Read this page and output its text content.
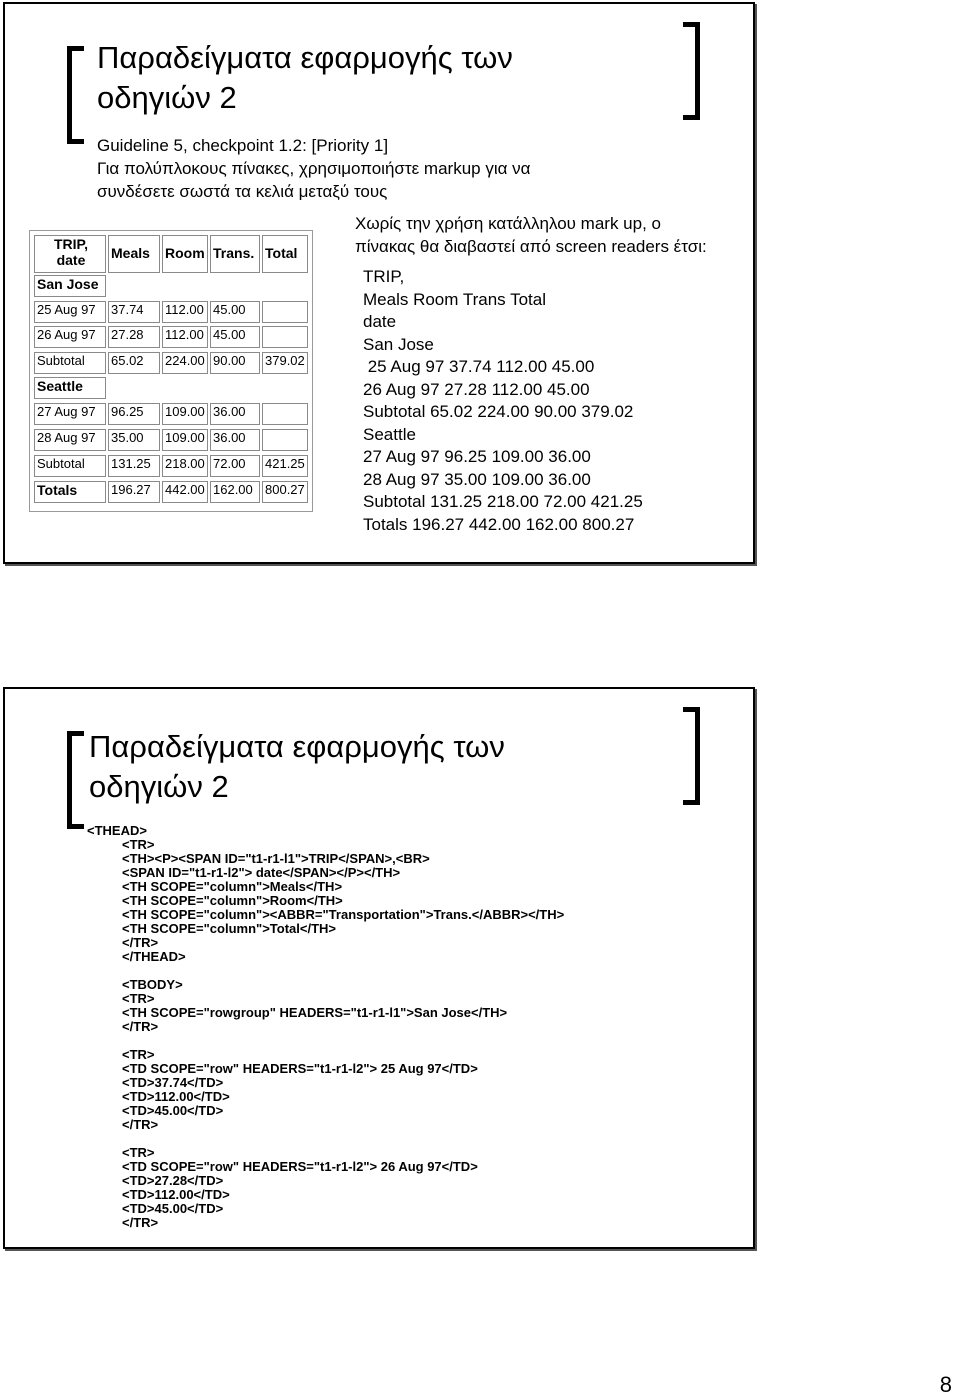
Παραδείγματα εφαρμογής των
οδηγιών 2
Guideline 5, checkpoint 1.2: [Priority 1]
Για πολύπλοκους πίνακες, χρησιμοποιήστε markup για να
συνδέσετε σωστά τα κελιά μεταξύ τους
Χωρίς την χρήση κατάλληλου mark up, ο
πίνακας θα διαβαστεί από screen readers έτσι:
TRIP,
Meals Room Trans Total
date
San Jose
25 Aug 97 37.74 112.00 45.00
26 Aug 97 27.28 112.00 45.00
Subtotal 65.02 224.00 90.00 379.02
Seattle
27 Aug 97 96.25 109.00 36.00
28 Aug 97 35.00 109.00 36.00
Subtotal 131.25 218.00 72.00 421.25
Totals 196.27 442.00 162.00 800.27
TRIP,
date	Meals	Room Trans. Total
San Jose
25 Aug 97	37.74	112.00 45.00
26 Aug 97	27.28	112.00 45.00
Subtotal	65.02	224.00 90.00	379.02
Seattle
27 Aug 97	96.25	109.00 36.00
28 Aug 97	35.00	109.00 36.00
Subtotal	131.25	218.00 72.00	421.25
Totals	196.27	442.00 162.00 800.27
Παραδείγματα εφαρμογής των
οδηγιών 2
<THEAD>
<TR>
<TH><P><SPAN ID="t1-r1-l1">TRIP</SPAN>,<BR>
<SPAN ID="t1-r1-l2"> date</SPAN></P></TH>
<TH SCOPE="column">Meals</TH>
<TH SCOPE="column">Room</TH>
<TH SCOPE="column"><ABBR="Transportation">Trans.</ABBR></TH>
<TH SCOPE="column">Total</TH>
</TR>
</THEAD>
<TBODY>
<TR>
<TH SCOPE="rowgroup" HEADERS="t1-r1-l1">San Jose</TH>
</TR>
<TR>
<TD SCOPE="row" HEADERS="t1-r1-l2"> 25 Aug 97</TD>
<TD>37.74</TD>
<TD>112.00</TD>
<TD>45.00</TD>
</TR>
<TR>
<TD SCOPE="row" HEADERS="t1-r1-l2"> 26 Aug 97</TD>
<TD>27.28</TD>
<TD>112.00</TD>
<TD>45.00</TD>
</TR>
8
